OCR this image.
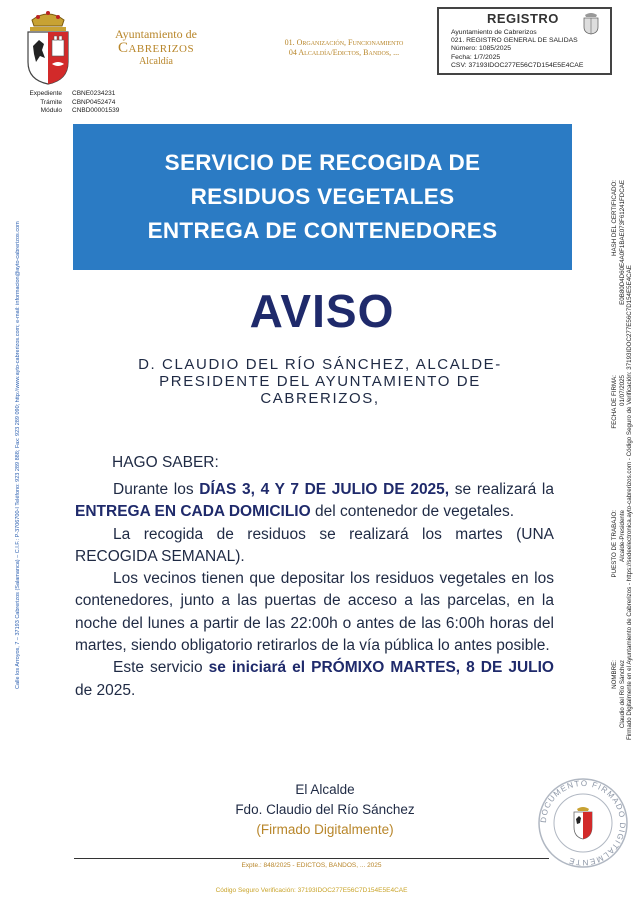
Ayuntamiento de
Cabrerizos
Alcaldía
01. Organización, Funcionamiento
04 Alcaldía/Edictos, Bandos, ...
Expediente CBNE0234231
Trámite CBNP0452474
Módulo CNBD00001539
REGISTRO
Ayuntamiento de Cabrerizos
021. REGISTRO GENERAL DE SALIDAS
Número: 1085/2025
Fecha: 1/7/2025
CSV: 37193IDOC277E56C7D154E5E4CAE
SERVICIO DE RECOGIDA DE
RESIDUOS VEGETALES
ENTREGA DE CONTENEDORES
AVISO
D. CLAUDIO DEL RÍO SÁNCHEZ, ALCALDE-
PRESIDENTE DEL AYUNTAMIENTO DE
CABRERIZOS,
HAGO SABER:

Durante los DÍAS 3, 4 Y 7 DE JULIO DE 2025, se realizará la ENTREGA EN CADA DOMICILIO del contenedor de vegetales.

La recogida de residuos se realizará los martes (UNA RECOGIDA SEMANAL).

Los vecinos tienen que depositar los residuos vegetales en los contenedores, junto a las puertas de acceso a las parcelas, en la noche del lunes a partir de las 22:00h o antes de las 6:00h horas del martes, siendo obligatorio retirarlos de la vía pública lo antes posible.

Este servicio se iniciará el PRÓMIXO MARTES, 8 DE JULIO de 2025.

El Alcalde
Fdo. Claudio del Río Sánchez
(Firmado Digitalmente)
Expte.: 848/2025 - EDICTOS, BANDOS, ... 2025
Código Seguro Verificación: 37193IDOC277E56C7D154E5E4CAE
Calle los Arroyos, 7 – 37193 Cabrerizos (Salamanca) – C.I.F.: P-3706700-I Teléfono: 923 289 888; Fax: 923 289 090; http://www.ayto-cabrerizos.com; e-mail: informacion@ayto-cabrerizos.com	Firmado Digitalmente en el Ayuntamiento de Cabrerizos - https://sedeelectronica.ayto-cabrerizos.com - Código Seguro de Verificación: 37193IDOC277E56C7D154E5E4CAE
NOMBRE: Claudio del Río Sánchez
PUESTO DE TRABAJO: Alcalde-Presidente
FECHA DE FIRMA: 01/07/2025
HASH DEL CERTIFICADO: E0B80D4D60E4A0F1BAE073F61241FDCAE
DOCUMENTO FIRMADO DIGITALMENTE
